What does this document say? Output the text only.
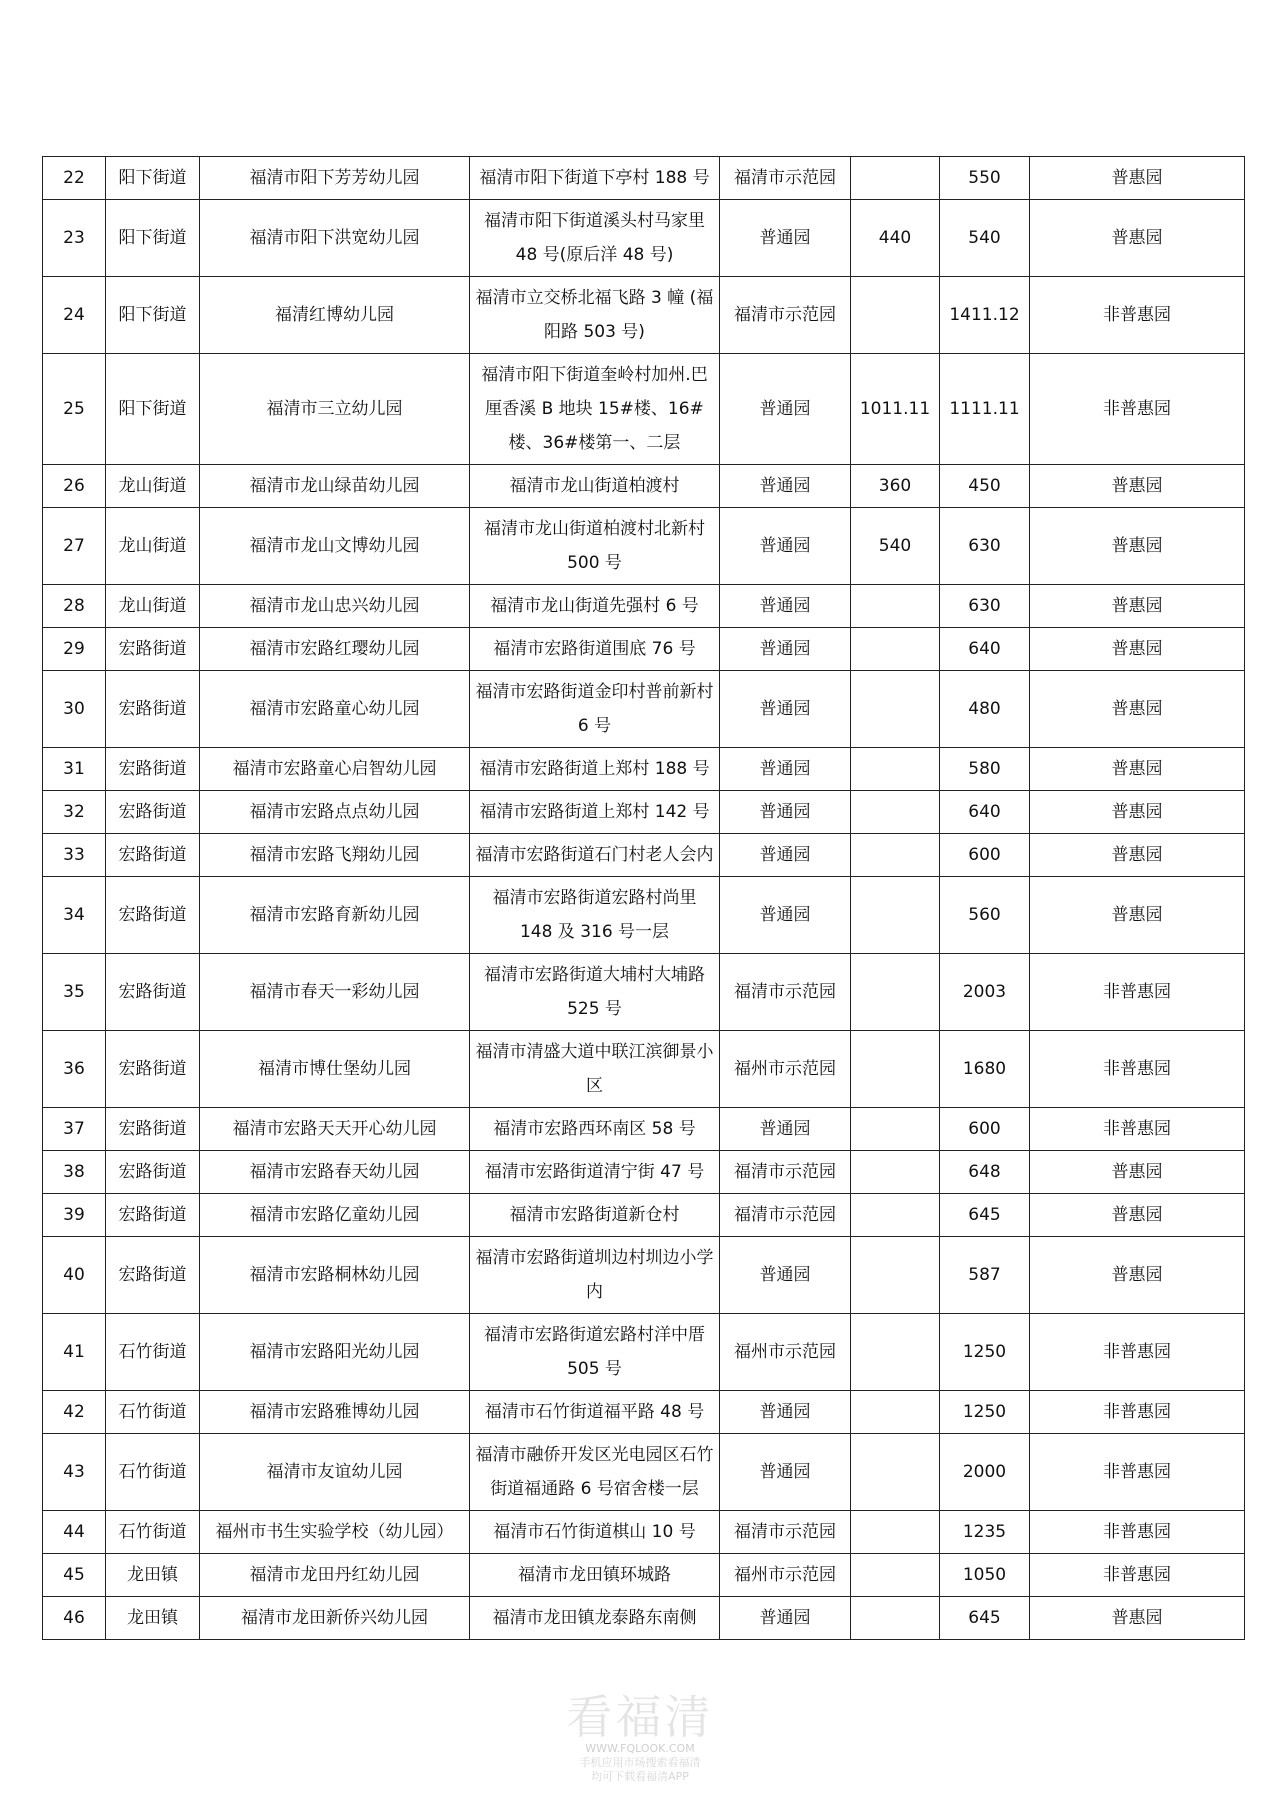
22	阳下街道	福清市阳下芳芳幼儿园	福清市阳下街道下亭村 188 号	福清市示范园		550	普惠园
23	阳下街道	福清市阳下洪宽幼儿园	福清市阳下街道溪头村马家里 48 号(原后洋 48 号)	普通园	440	540	普惠园
24	阳下街道	福清红博幼儿园	福清市立交桥北福飞路 3 幢 (福阳路 503 号)	福清市示范园		1411.12	非普惠园
25	阳下街道	福清市三立幼儿园	福清市阳下街道奎岭村加州.巴厘香溪 B 地块 15#楼、16#楼、36#楼第一、二层	普通园	1011.11	1111.11	非普惠园
26	龙山街道	福清市龙山绿苗幼儿园	福清市龙山街道柏渡村	普通园	360	450	普惠园
27	龙山街道	福清市龙山文博幼儿园	福清市龙山街道柏渡村北新村 500 号	普通园	540	630	普惠园
28	龙山街道	福清市龙山忠兴幼儿园	福清市龙山街道先强村 6 号	普通园		630	普惠园
29	宏路街道	福清市宏路红璎幼儿园	福清市宏路街道围底 76 号	普通园		640	普惠园
30	宏路街道	福清市宏路童心幼儿园	福清市宏路街道金印村普前新村 6 号	普通园		480	普惠园
31	宏路街道	福清市宏路童心启智幼儿园	福清市宏路街道上郑村 188 号	普通园		580	普惠园
32	宏路街道	福清市宏路点点幼儿园	福清市宏路街道上郑村 142 号	普通园		640	普惠园
33	宏路街道	福清市宏路飞翔幼儿园	福清市宏路街道石门村老人会内	普通园		600	普惠园
34	宏路街道	福清市宏路育新幼儿园	福清市宏路街道宏路村尚里 148 及 316 号一层	普通园		560	普惠园
35	宏路街道	福清市春天一彩幼儿园	福清市宏路街道大埔村大埔路 525 号	福清市示范园		2003	非普惠园
36	宏路街道	福清市博仕堡幼儿园	福清市清盛大道中联江滨御景小区	福州市示范园		1680	非普惠园
37	宏路街道	福清市宏路天天开心幼儿园	福清市宏路西环南区 58 号	普通园		600	非普惠园
38	宏路街道	福清市宏路春天幼儿园	福清市宏路街道清宁街 47 号	福清市示范园		648	普惠园
39	宏路街道	福清市宏路亿童幼儿园	福清市宏路街道新仓村	福清市示范园		645	普惠园
40	宏路街道	福清市宏路桐林幼儿园	福清市宏路街道圳边村圳边小学内	普通园		587	普惠园
41	石竹街道	福清市宏路阳光幼儿园	福清市宏路街道宏路村洋中厝 505 号	福州市示范园		1250	非普惠园
42	石竹街道	福清市宏路雅博幼儿园	福清市石竹街道福平路 48 号	普通园		1250	非普惠园
43	石竹街道	福清市友谊幼儿园	福清市融侨开发区光电园区石竹街道福通路 6 号宿舍楼一层	普通园		2000	非普惠园
44	石竹街道	福州市书生实验学校（幼儿园）	福清市石竹街道棋山 10 号	福清市示范园		1235	非普惠园
45	龙田镇	福清市龙田丹红幼儿园	福清市龙田镇环城路	福州市示范园		1050	非普惠园
46	龙田镇	福清市龙田新侨兴幼儿园	福清市龙田镇龙泰路东南侧	普通园		645	普惠园
看福清
WWW.FQLOOK.COM
手机应用市场搜索看福清
均可下载看福清APP
